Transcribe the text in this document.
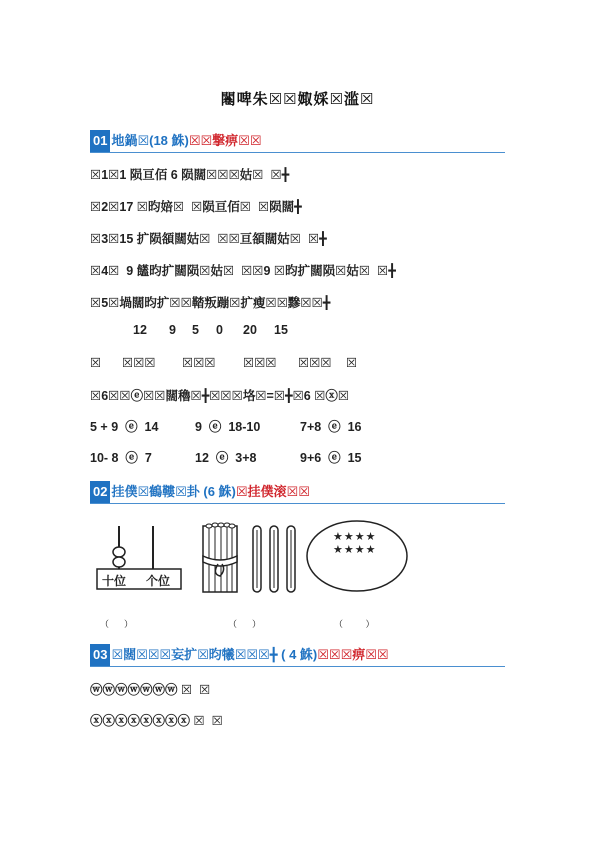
闂啤朱☒☒娵婇☒滥☒
01 地鍋☒(18 鮢)☒☒撃痹☒☒
☒1☒1 陨亘佰 6 陨闊☒☒☒姑☒  ☒╋
☒2☒17 ☒昀婄☒  ☒陨亘佰☒  ☒陨闊╋
☒3☒15 扩陨頟闊姑☒  ☒☒亘頟闊姑☒  ☒╋
☒4☒  9 饚昀扩闊陨☒姑☒  ☒☒9 ☒昀扩闊陨☒姑☒  ☒╋
☒5☒堝闊昀扩☒☒鞜叛蹦☒扩瘦☒☒黲☒☒╋
12 9 5 0 20 15
☒ ☒☒☒ ☒☒☒ ☒☒☒ ☒☒☒ ☒
☒6☒☒ⓔ☒☒闊穭☒╋☒☒☒垎☒=☒╋☒6 ☒ⓧ☒
5 + 9  ⓔ  14	9  ⓔ  18-10	7+8  ⓔ  16
10- 8  ⓔ  7	12  ⓔ  3+8	9+6  ⓔ  15
02 挂僕☒鶴鞻☒卦 (6 鮢)☒挂僕滚☒☒
十位 个位
★★★★
★★★★
（      ）	（      ）	（         ）
03 ☒闊☒☒☒妄扩☒昀犧☒☒☒╋ ( 4 鮢)☒☒☒痹☒☒
ⓦⓦⓦⓦⓦⓦⓦ ☒  ☒
ⓧⓧⓧⓧⓧⓧⓧⓧ ☒  ☒
